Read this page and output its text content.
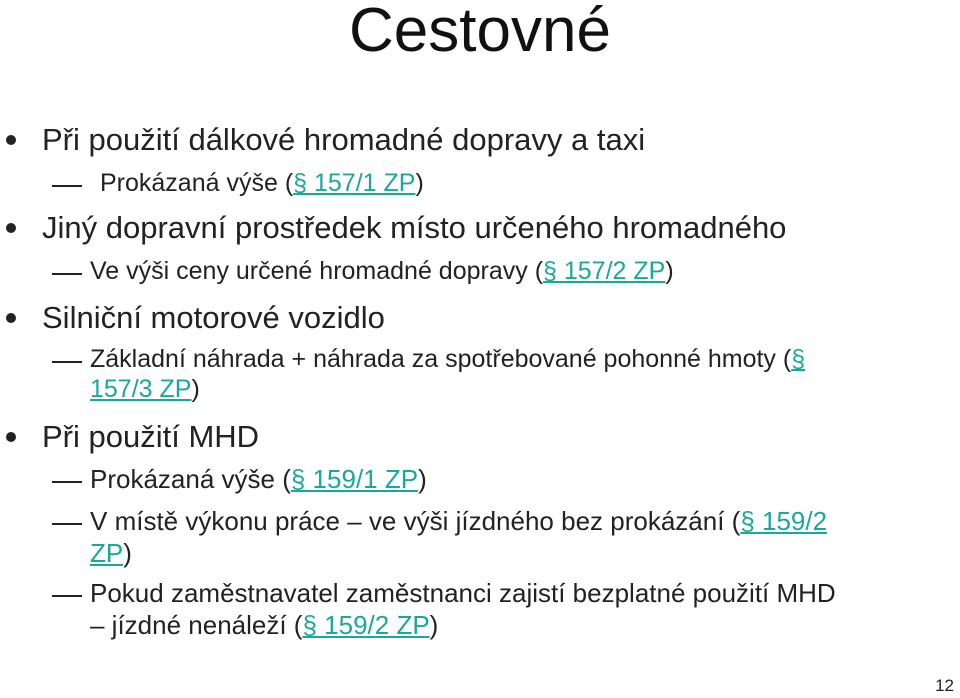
Cestovné
Při použití dálkové hromadné dopravy a taxi
Prokázaná výše (§ 157/1 ZP)
Jiný dopravní prostředek místo určeného hromadného
Ve výši ceny určené hromadné dopravy (§ 157/2 ZP)
Silniční motorové vozidlo
Základní náhrada + náhrada za spotřebované pohonné hmoty (§
157/3 ZP)
Při použití MHD
Prokázaná výše (§ 159/1 ZP)
V místě výkonu práce – ve výši jízdného bez prokázání (§ 159/2
ZP)
Pokud zaměstnavatel zaměstnanci zajistí bezplatné použití MHD
– jízdné nenáleží (§ 159/2 ZP)
12
